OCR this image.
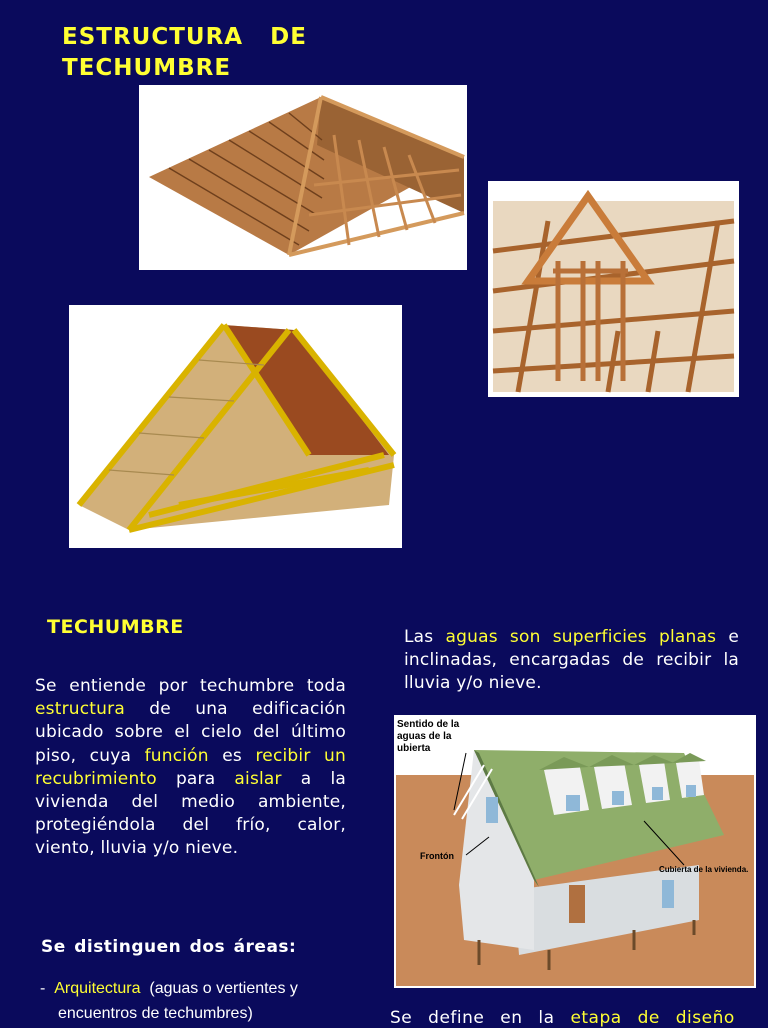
ESTRUCTURA DE
TECHUMBRE
TECHUMBRE
Se entiende por techumbre toda estructura de una edificación ubicado sobre el cielo del último piso, cuya función es recibir un recubrimiento para aislar a la vivienda del medio ambiente, protegiéndola del frío, calor, viento, lluvia y/o nieve.
Las aguas son superficies planas e inclinadas, encargadas de recibir la lluvia y/o nieve.
Sentido de la aguas de la ubierta
Frontón
Cubierta de la vivienda.
Se distinguen dos áreas:
- Arquitectura (aguas o vertientes y
encuentros de techumbres)	Se define en la etapa de diseño
